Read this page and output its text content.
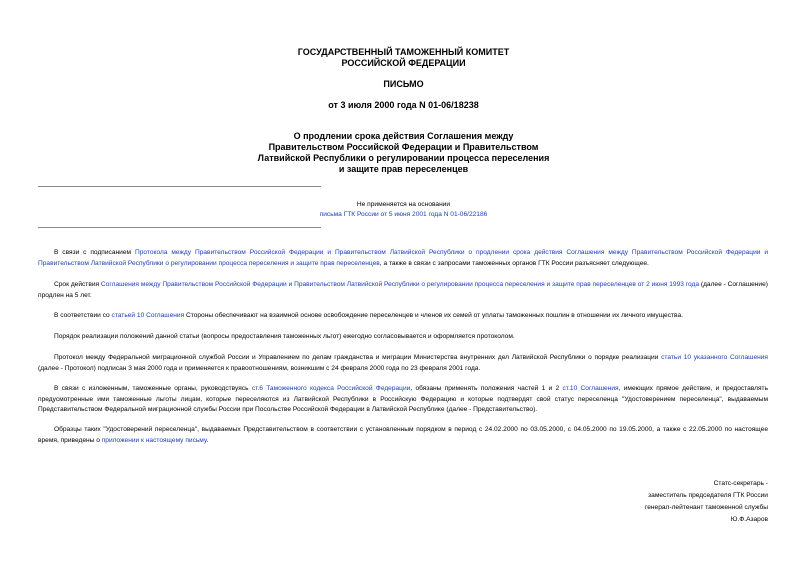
ГОСУДАРСТВЕННЫЙ ТАМОЖЕННЫЙ КОМИТЕТ
РОССИЙСКОЙ ФЕДЕРАЦИИ
ПИСЬМО
от 3 июля 2000 года N 01-06/18238
О продлении срока действия Соглашения между
Правительством Российской Федерации и Правительством
Латвийской Республики о регулировании процесса переселения
и защите прав переселенцев
Не применяется на основании
письма ГТК России от 5 июня 2001 года N 01-06/22186
В связи с подписанием Протокола между Правительством Российской Федерации и Правительством Латвийской Республики о продлении срока действия Соглашения между Правительством Российской Федерации и Правительством Латвийской Республики о регулировании процесса переселения и защите прав переселенцев, а также в связи с запросами таможенных органов ГТК России разъясняет следующее.
Срок действия Соглашения между Правительством Российской Федерации и Правительством Латвийской Республики о регулировании процесса переселения и защите прав переселенцев от 2 июня 1993 года (далее - Соглашение) продлен на 5 лет.
В соответствии со статьей 10 Соглашения Стороны обеспечивают на взаимной основе освобождение переселенцев и членов их семей от уплаты таможенных пошлин в отношении их личного имущества.
Порядок реализации положений данной статьи (вопросы предоставления таможенных льгот) ежегодно согласовывается и оформляется протоколом.
Протокол между Федеральной миграционной службой России и Управлением по делам гражданства и миграции Министерства внутренних дел Латвийской Республики о порядке реализации статьи 10 указанного Соглашения (далее - Протокол) подписан 3 мая 2000 года и применяется к правоотношениям, возникшим с 24 февраля 2000 года по 23 февраля 2001 года.
В связи с изложенным, таможенные органы, руководствуясь ст.6 Таможенного кодекса Российской Федерации, обязаны применять положения частей 1 и 2 ст.10 Соглашения, имеющих прямое действие, и предоставлять предусмотренные ими таможенные льготы лицам, которые переселяются из Латвийской Республики в Российскую Федерацию и которые подтвердят свой статус переселенца "Удостоверением переселенца", выдаваемым Представительством Федеральной миграционной службы России при Посольстве Российской Федерации в Латвийской Республике (далее - Представительство).
Образцы таких "Удостоверений переселенца", выдаваемых Представительством в соответствии с установленным порядком в период с 24.02.2000 по 03.05.2000, с 04.05.2000 по 19.05.2000, а также с 22.05.2000 по настоящее время, приведены о приложении к настоящему письму.
Статс-секретарь -
заместитель председателя ГТК России
генерал-лейтенант таможенной службы
Ю.Ф.Азаров
